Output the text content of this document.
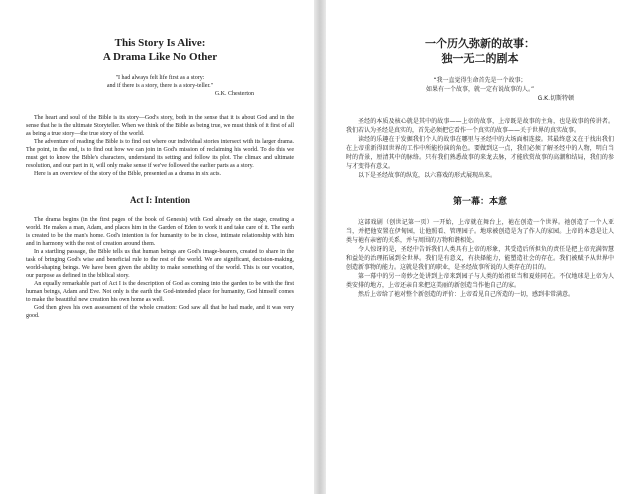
This Story Is Alive:
A Drama Like No Other

"I had always felt life first as a story:
and if there is a story, there is a story-teller."

G.K. Chesterton

The heart and soul of the Bible is its story—God's story, both in the sense that it is about God and in the sense that he is the ultimate Storyteller. When we think of the Bible as being true, we must think of it first of all as being a true story—the true story of the world.

The adventure of reading the Bible is to find out where our individual stories intersect with its larger drama. The point, in the end, is to find out how we can join in God's mission of reclaiming his world. To do this we must get to know the Bible's characters, understand its setting and follow its plot. The climax and ultimate resolution, and our part in it, will only make sense if we've followed the earlier parts as a story.

Here is an overview of the story of the Bible, presented as a drama in six acts.

Act I: Intention

The drama begins (in the first pages of the book of Genesis) with God already on the stage, creating a world. He makes a man, Adam, and places him in the Garden of Eden to work it and take care of it. The earth is created to be the man's home. God's intention is for humanity to be in close, intimate relationship with him and in harmony with the rest of creation around them.

In a startling passage, the Bible tells us that human beings are God's image-bearers, created to share in the task of bringing God's wise and beneficial rule to the rest of the world. We are significant, decision-making, world-shaping beings. We have been given the ability to make something of the world. This is our vocation, our purpose as defined in the biblical story.

An equally remarkable part of Act I is the description of God as coming into the garden to be with the first human beings, Adam and Eve. Not only is the earth the God-intended place for humanity, God himself comes to make the beautiful new creation his own home as well.

God then gives his own assessment of the whole creation: God saw all that he had made, and it was very good.

一个历久弥新的故事：
独一无二的剧本

“我一直觉得生命首先是一个故事；
如果有一个故事，就一定有说故事的人。”

G.K.切斯特顿

圣经的本质及核心就是其中的故事——上帝的故事，上帝既是故事的主角，也是故事的传讲者。我们若认为圣经是真实的，首先必须把它看作一个真实的故事——关于世界的真实故事。

读经的乐趣在于发掘我们个人的故事在哪里与圣经中的大场面相连接。其最终意义在于找出我们在上帝重新得回世界的工作中所能扮演的角色。要做到这一点，我们必须了解圣经中的人物，明白当时的背景，厘清其中的脉络。只有我们熟悉故事的来龙去脉，才能欣赏故事的高潮和结局，我们的参与才变得有意义。

以下是圣经故事的纵览，以六幕戏的形式展现出来。

第一幕：本意

这部戏剧（创世记第一页）一开始，上帝就在舞台上，祂在创造一个世界。祂创造了一个人亚当，并把他安置在伊甸园，让他照看、管理园子。地球被创造是为了作人的家园。上帝的本意是让人类与祂有亲密的关系，并与周围的万物和谐相处。

令人惊讶的是，圣经中告诉我们人类具有上帝的形象，其受造后所担负的责任是把上帝充满智慧和益处的治理拓展到全世界。我们是有意义，有抉择能力，能塑造社会的存在。我们被赋予从世界中创造新事物的能力。这就是我们的职业，是圣经故事所说的人类存在的目的。

第一幕中的另一奇妙之处讲到上帝来到园子与人类的始祖亚当和夏娃同在。不仅地球是上帝为人类安排的地方，上帝还亲自来把这美丽的新创造当作他自己的家。

然后上帝给了祂对整个新创造的评价：上帝看见自己所造的一切，感到非常满意。
